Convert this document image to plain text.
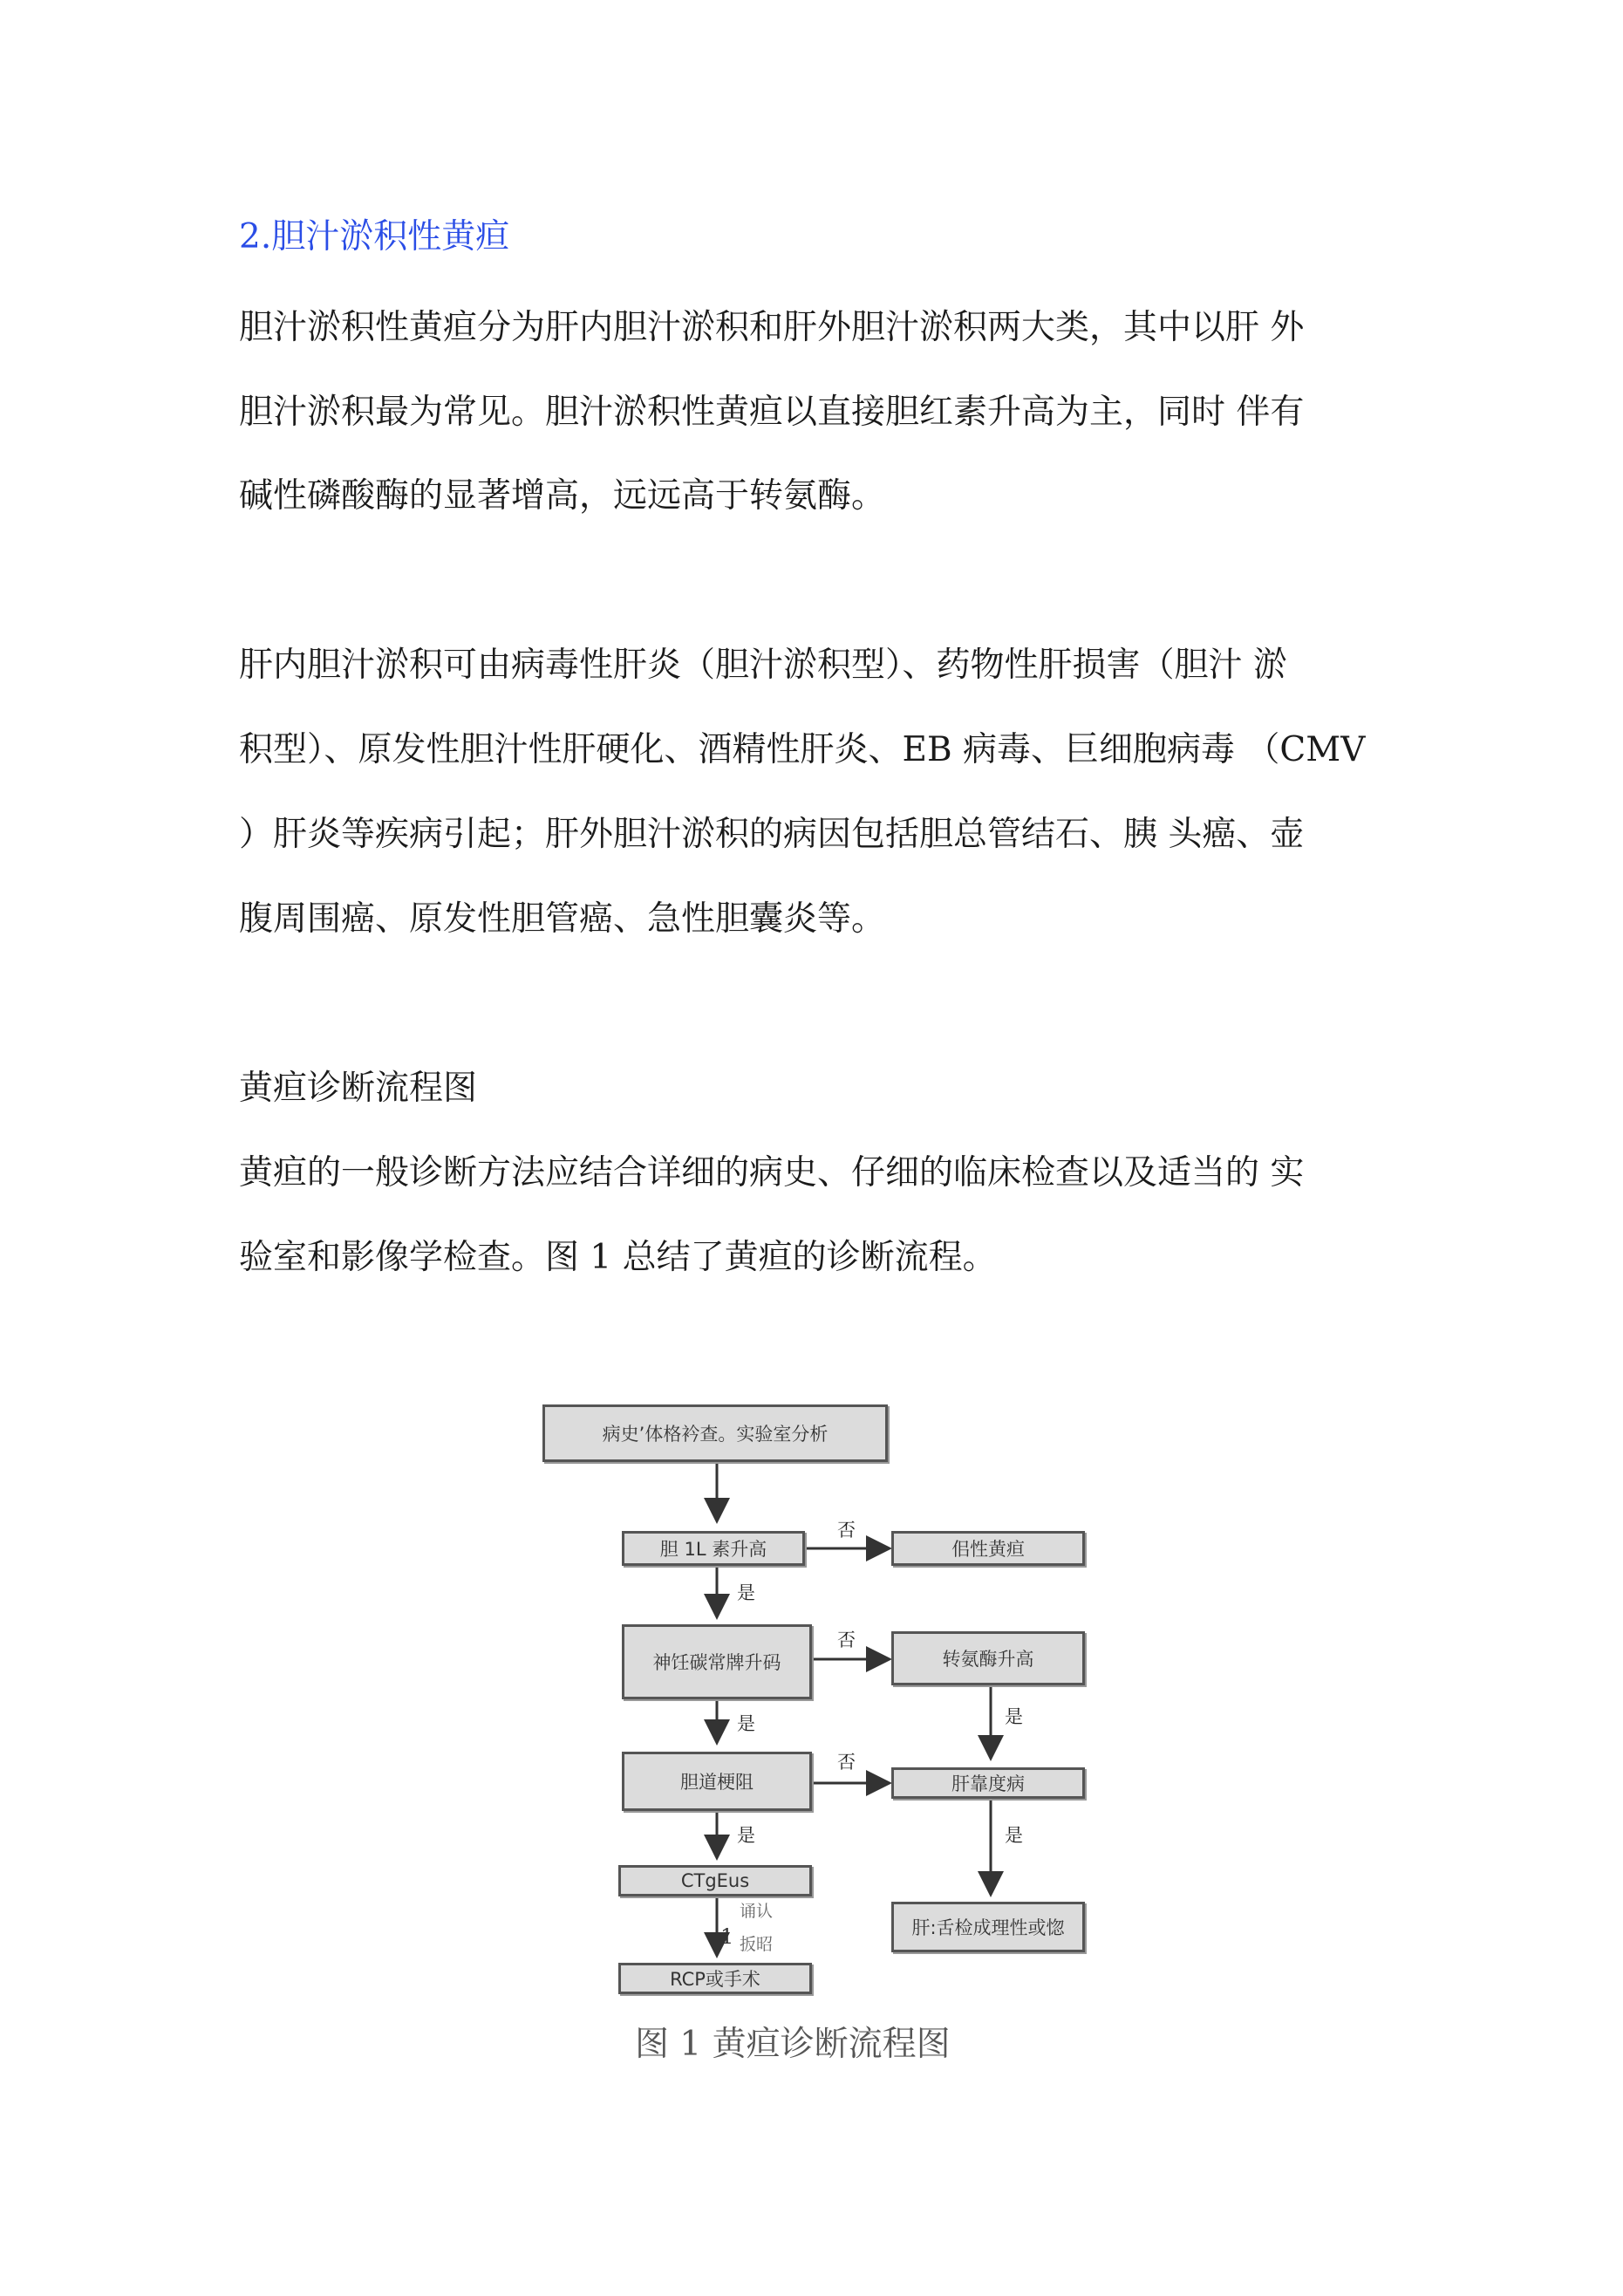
2.胆汁淤积性黄疸
胆汁淤积性黄疸分为肝内胆汁淤积和肝外胆汁淤积两大类，其中以肝 外
胆汁淤积最为常见。胆汁淤积性黄疸以直接胆红素升高为主，同时 伴有
碱性磷酸酶的显著增高，远远高于转氨酶。
肝内胆汁淤积可由病毒性肝炎（胆汁淤积型）、药物性肝损害（胆汁 淤
积型）、原发性胆汁性肝硬化、酒精性肝炎、EB 病毒、巨细胞病毒 （CMV
）肝炎等疾病引起；肝外胆汁淤积的病因包括胆总管结石、胰 头癌、壶
腹周围癌、原发性胆管癌、急性胆囊炎等。
黄疸诊断流程图
黄疸的一般诊断方法应结合详细的病史、仔细的临床检查以及适当的 实
验室和影像学检查。图 1 总结了黄疸的诊断流程。
病史’体格衿查。实验室分析
胆 1L 素升高	佀性黄疸
神饪碳常牌升码	转氨酶升高
胆道梗阻	肝靠度病
CTgEus
肝:舌检成理性或惚
RCP或手术
否
是
否
是
否
是
是	是
诵认
1 扳昭
图 1 黄疸诊断流程图
